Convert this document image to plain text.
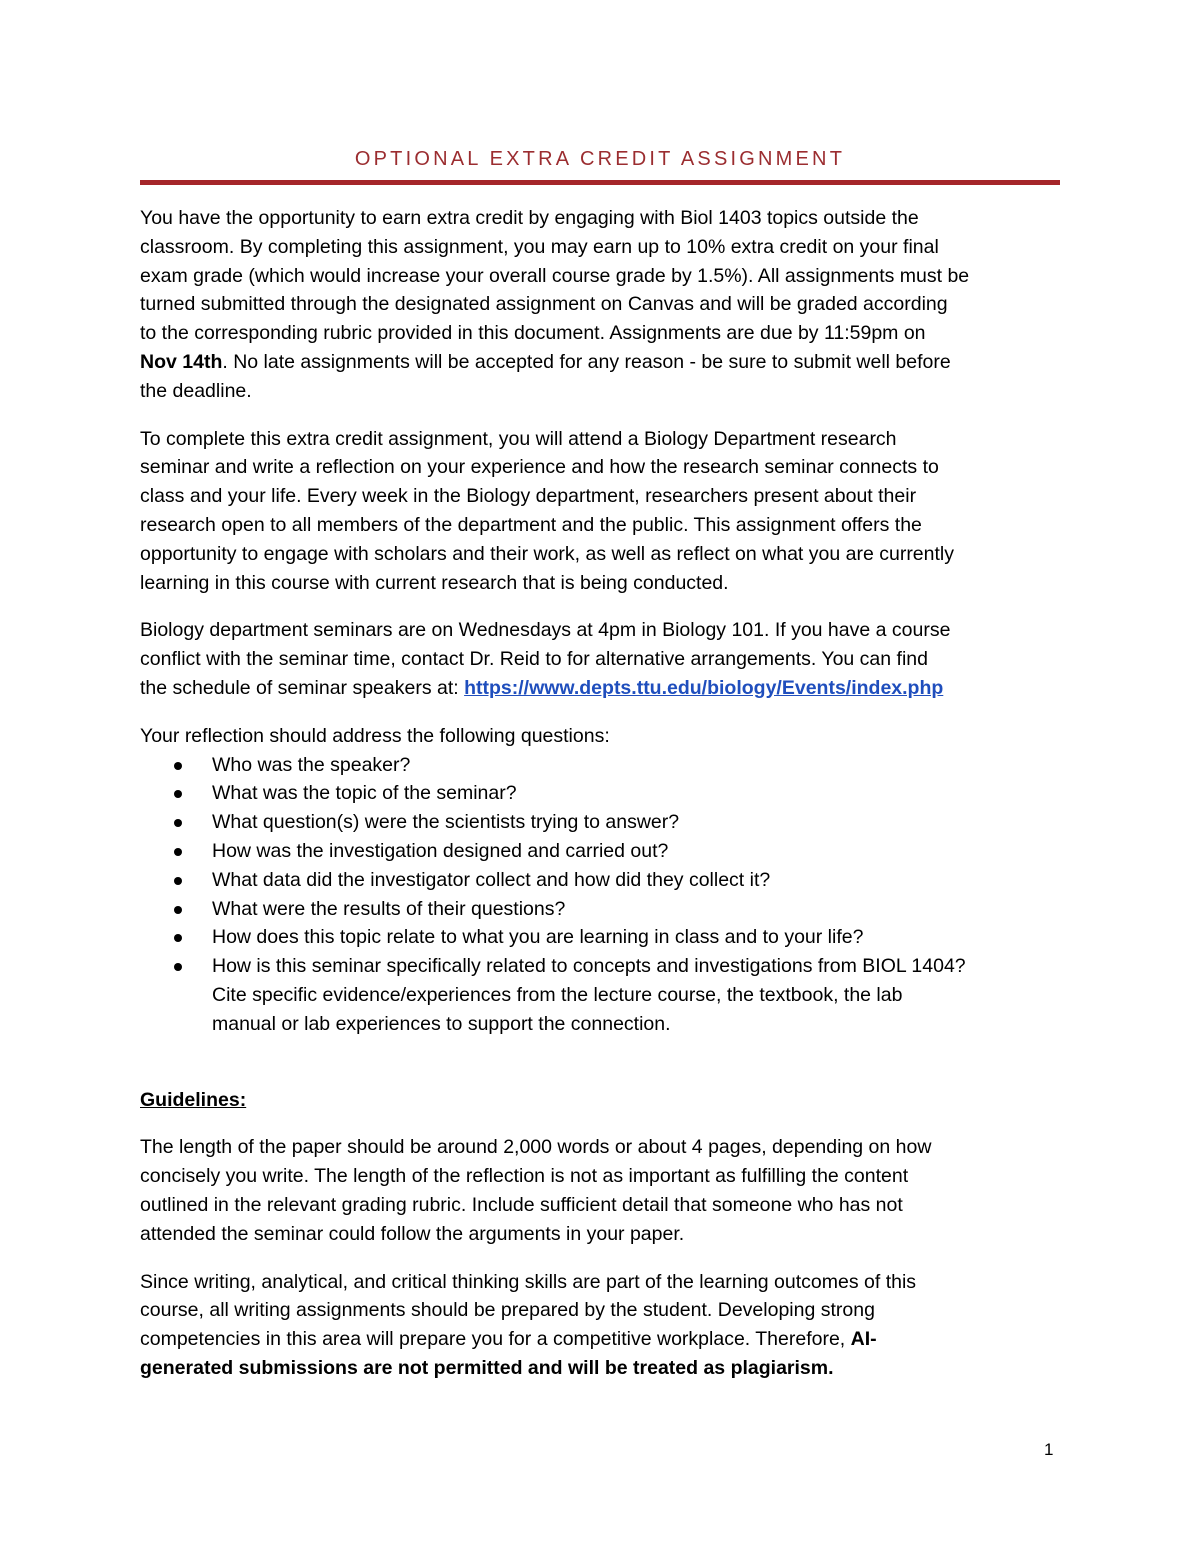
OPTIONAL EXTRA CREDIT ASSIGNMENT

You have the opportunity to earn extra credit by engaging with Biol 1403 topics outside the
classroom. By completing this assignment, you may earn up to 10% extra credit on your final
exam grade (which would increase your overall course grade by 1.5%). All assignments must be
turned submitted through the designated assignment on Canvas and will be graded according
to the corresponding rubric provided in this document. Assignments are due by 11:59pm on
Nov 14th. No late assignments will be accepted for any reason - be sure to submit well before
the deadline.

To complete this extra credit assignment, you will attend a Biology Department research
seminar and write a reflection on your experience and how the research seminar connects to
class and your life. Every week in the Biology department, researchers present about their
research open to all members of the department and the public. This assignment offers the
opportunity to engage with scholars and their work, as well as reflect on what you are currently
learning in this course with current research that is being conducted.

Biology department seminars are on Wednesdays at 4pm in Biology 101. If you have a course
conflict with the seminar time, contact Dr. Reid to for alternative arrangements. You can find
the schedule of seminar speakers at: https://www.depts.ttu.edu/biology/Events/index.php

Your reflection should address the following questions:

Who was the speaker?
What was the topic of the seminar?
What question(s) were the scientists trying to answer?
How was the investigation designed and carried out?
What data did the investigator collect and how did they collect it?
What were the results of their questions?
How does this topic relate to what you are learning in class and to your life?
How is this seminar specifically related to concepts and investigations from BIOL 1404?
Cite specific evidence/experiences from the lecture course, the textbook, the lab
manual or lab experiences to support the connection.

Guidelines:

The length of the paper should be around 2,000 words or about 4 pages, depending on how
concisely you write. The length of the reflection is not as important as fulfilling the content
outlined in the relevant grading rubric. Include sufficient detail that someone who has not
attended the seminar could follow the arguments in your paper.

Since writing, analytical, and critical thinking skills are part of the learning outcomes of this
course, all writing assignments should be prepared by the student. Developing strong
competencies in this area will prepare you for a competitive workplace. Therefore, AI-
generated submissions are not permitted and will be treated as plagiarism.

1
